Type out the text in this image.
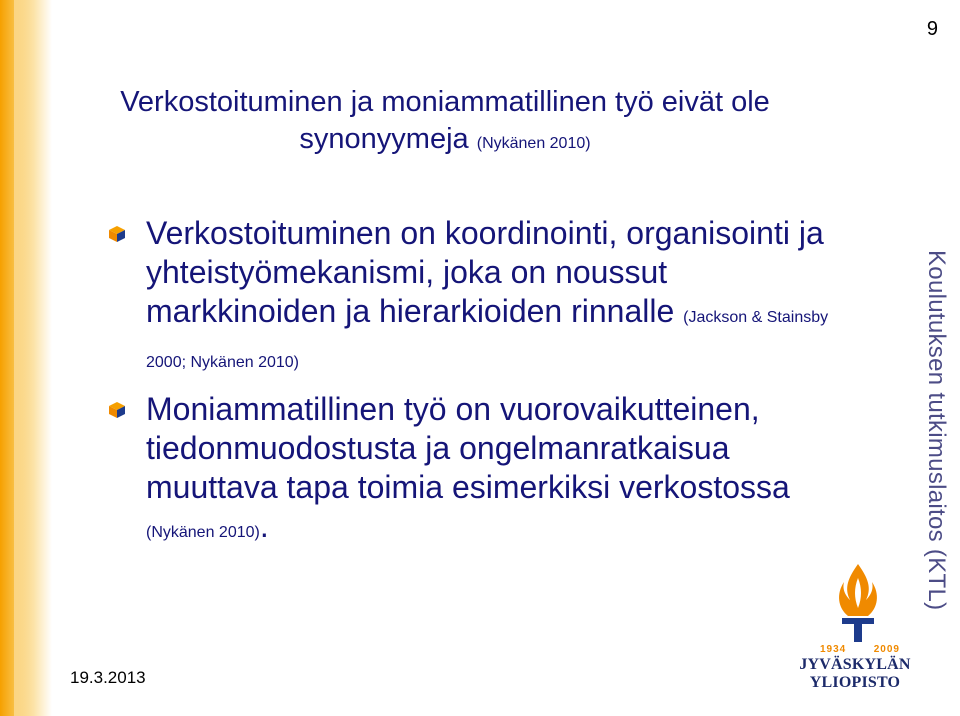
9
Verkostoituminen ja moniammatillinen työ eivät ole
synonyymeja (Nykänen 2010)
Verkostoituminen on koordinointi, organisointi ja yhteistyömekanismi, joka on noussut markkinoiden ja hierarkioiden rinnalle (Jackson & Stainsby 2000; Nykänen 2010)
Moniammatillinen työ on vuorovaikutteinen, tiedonmuodostusta ja ongelmanratkaisua muuttava tapa toimia esimerkiksi verkostossa (Nykänen 2010).	Koulutuksen tutkimuslaitos (KTL)
19.3.2013
1934	2009
JYVÄSKYLÄN YLIOPISTO
